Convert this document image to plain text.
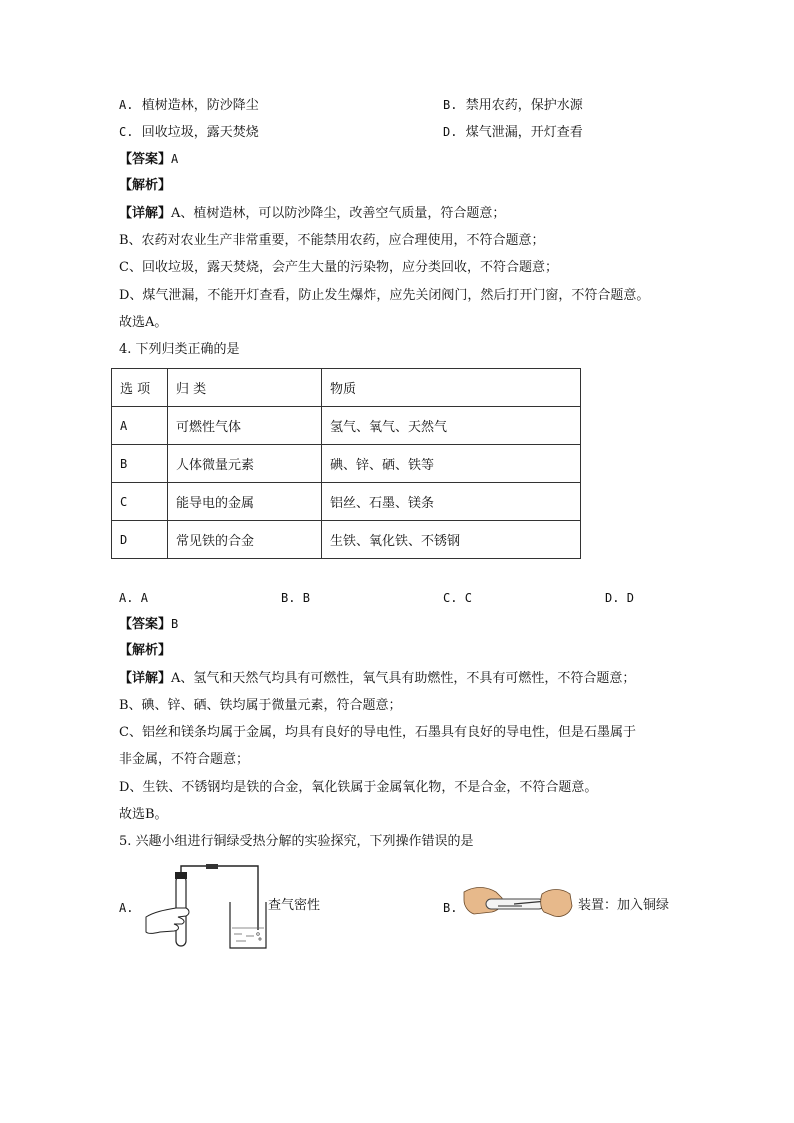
A. 植树造林，防沙降尘	B. 禁用农药，保护水源
C. 回收垃圾，露天焚烧	D. 煤气泄漏，开灯查看
【答案】A
【解析】
【详解】A、植树造林，可以防沙降尘，改善空气质量，符合题意；
B、农药对农业生产非常重要，不能禁用农药，应合理使用，不符合题意；
C、回收垃圾，露天焚烧，会产生大量的污染物，应分类回收，不符合题意；
D、煤气泄漏，不能开灯查看，防止发生爆炸，应先关闭阀门，然后打开门窗，不符合题意。
故选A。
4. 下列归类正确的是
选 项	归 类	物质
A	可燃性气体	氢气、氧气、天然气
B	人体微量元素	碘、锌、硒、铁等
C	能导电的金属	铝丝、石墨、镁条
D	常见铁的合金	生铁、氧化铁、不锈钢
A. A	B. B	C. C	D. D
【答案】B
【解析】
【详解】A、氢气和天然气均具有可燃性，氧气具有助燃性，不具有可燃性，不符合题意；
B、碘、锌、硒、铁均属于微量元素，符合题意；
C、铝丝和镁条均属于金属，均具有良好的导电性，石墨具有良好的导电性，但是石墨属于
非金属，不符合题意；
D、生铁、不锈钢均是铁的合金，氧化铁属于金属氧化物，不是合金，不符合题意。
故选B。
5. 兴趣小组进行铜绿受热分解的实验探究，下列操作错误的是
A.	查气密性	B.	装置：加入铜绿
